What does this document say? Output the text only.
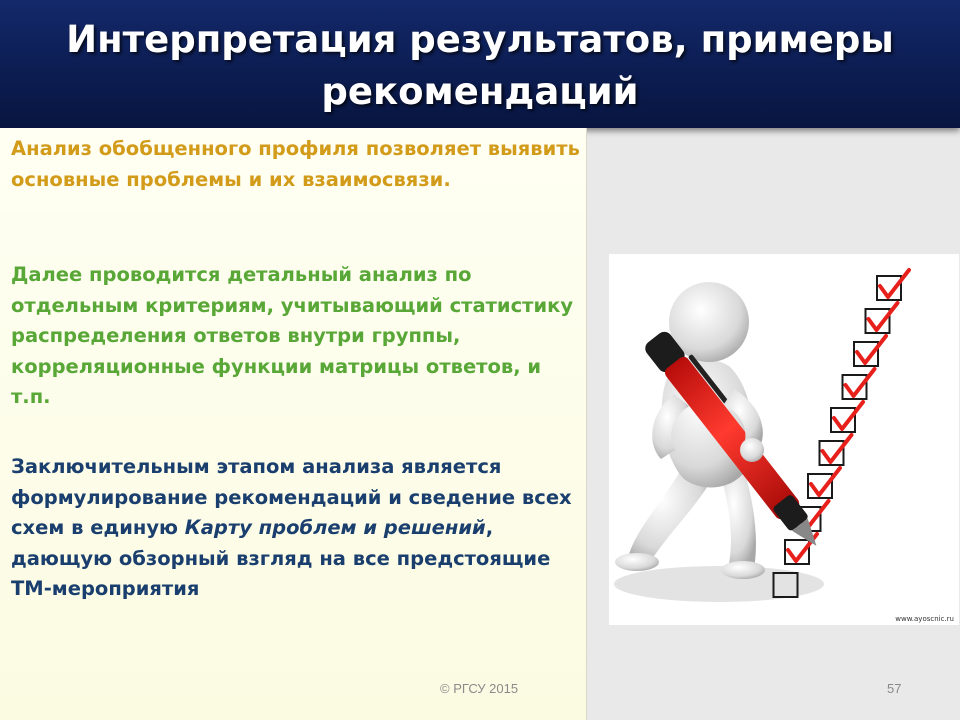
Интерпретация результатов, примеры рекомендаций

Анализ обобщенного профиля позволяет выявить основные проблемы и их взаимосвязи.

Далее проводится детальный анализ по отдельным критериям, учитывающий статистику распределения ответов внутри группы, корреляционные функции матрицы ответов, и т.п.

Заключительным этапом анализа является формулирование рекомендаций и сведение всех схем в единую Карту проблем и решений, дающую обзорный взгляд на все предстоящие ТМ-мероприятия

www.ayoscnic.ru
© РГСУ 2015	57
